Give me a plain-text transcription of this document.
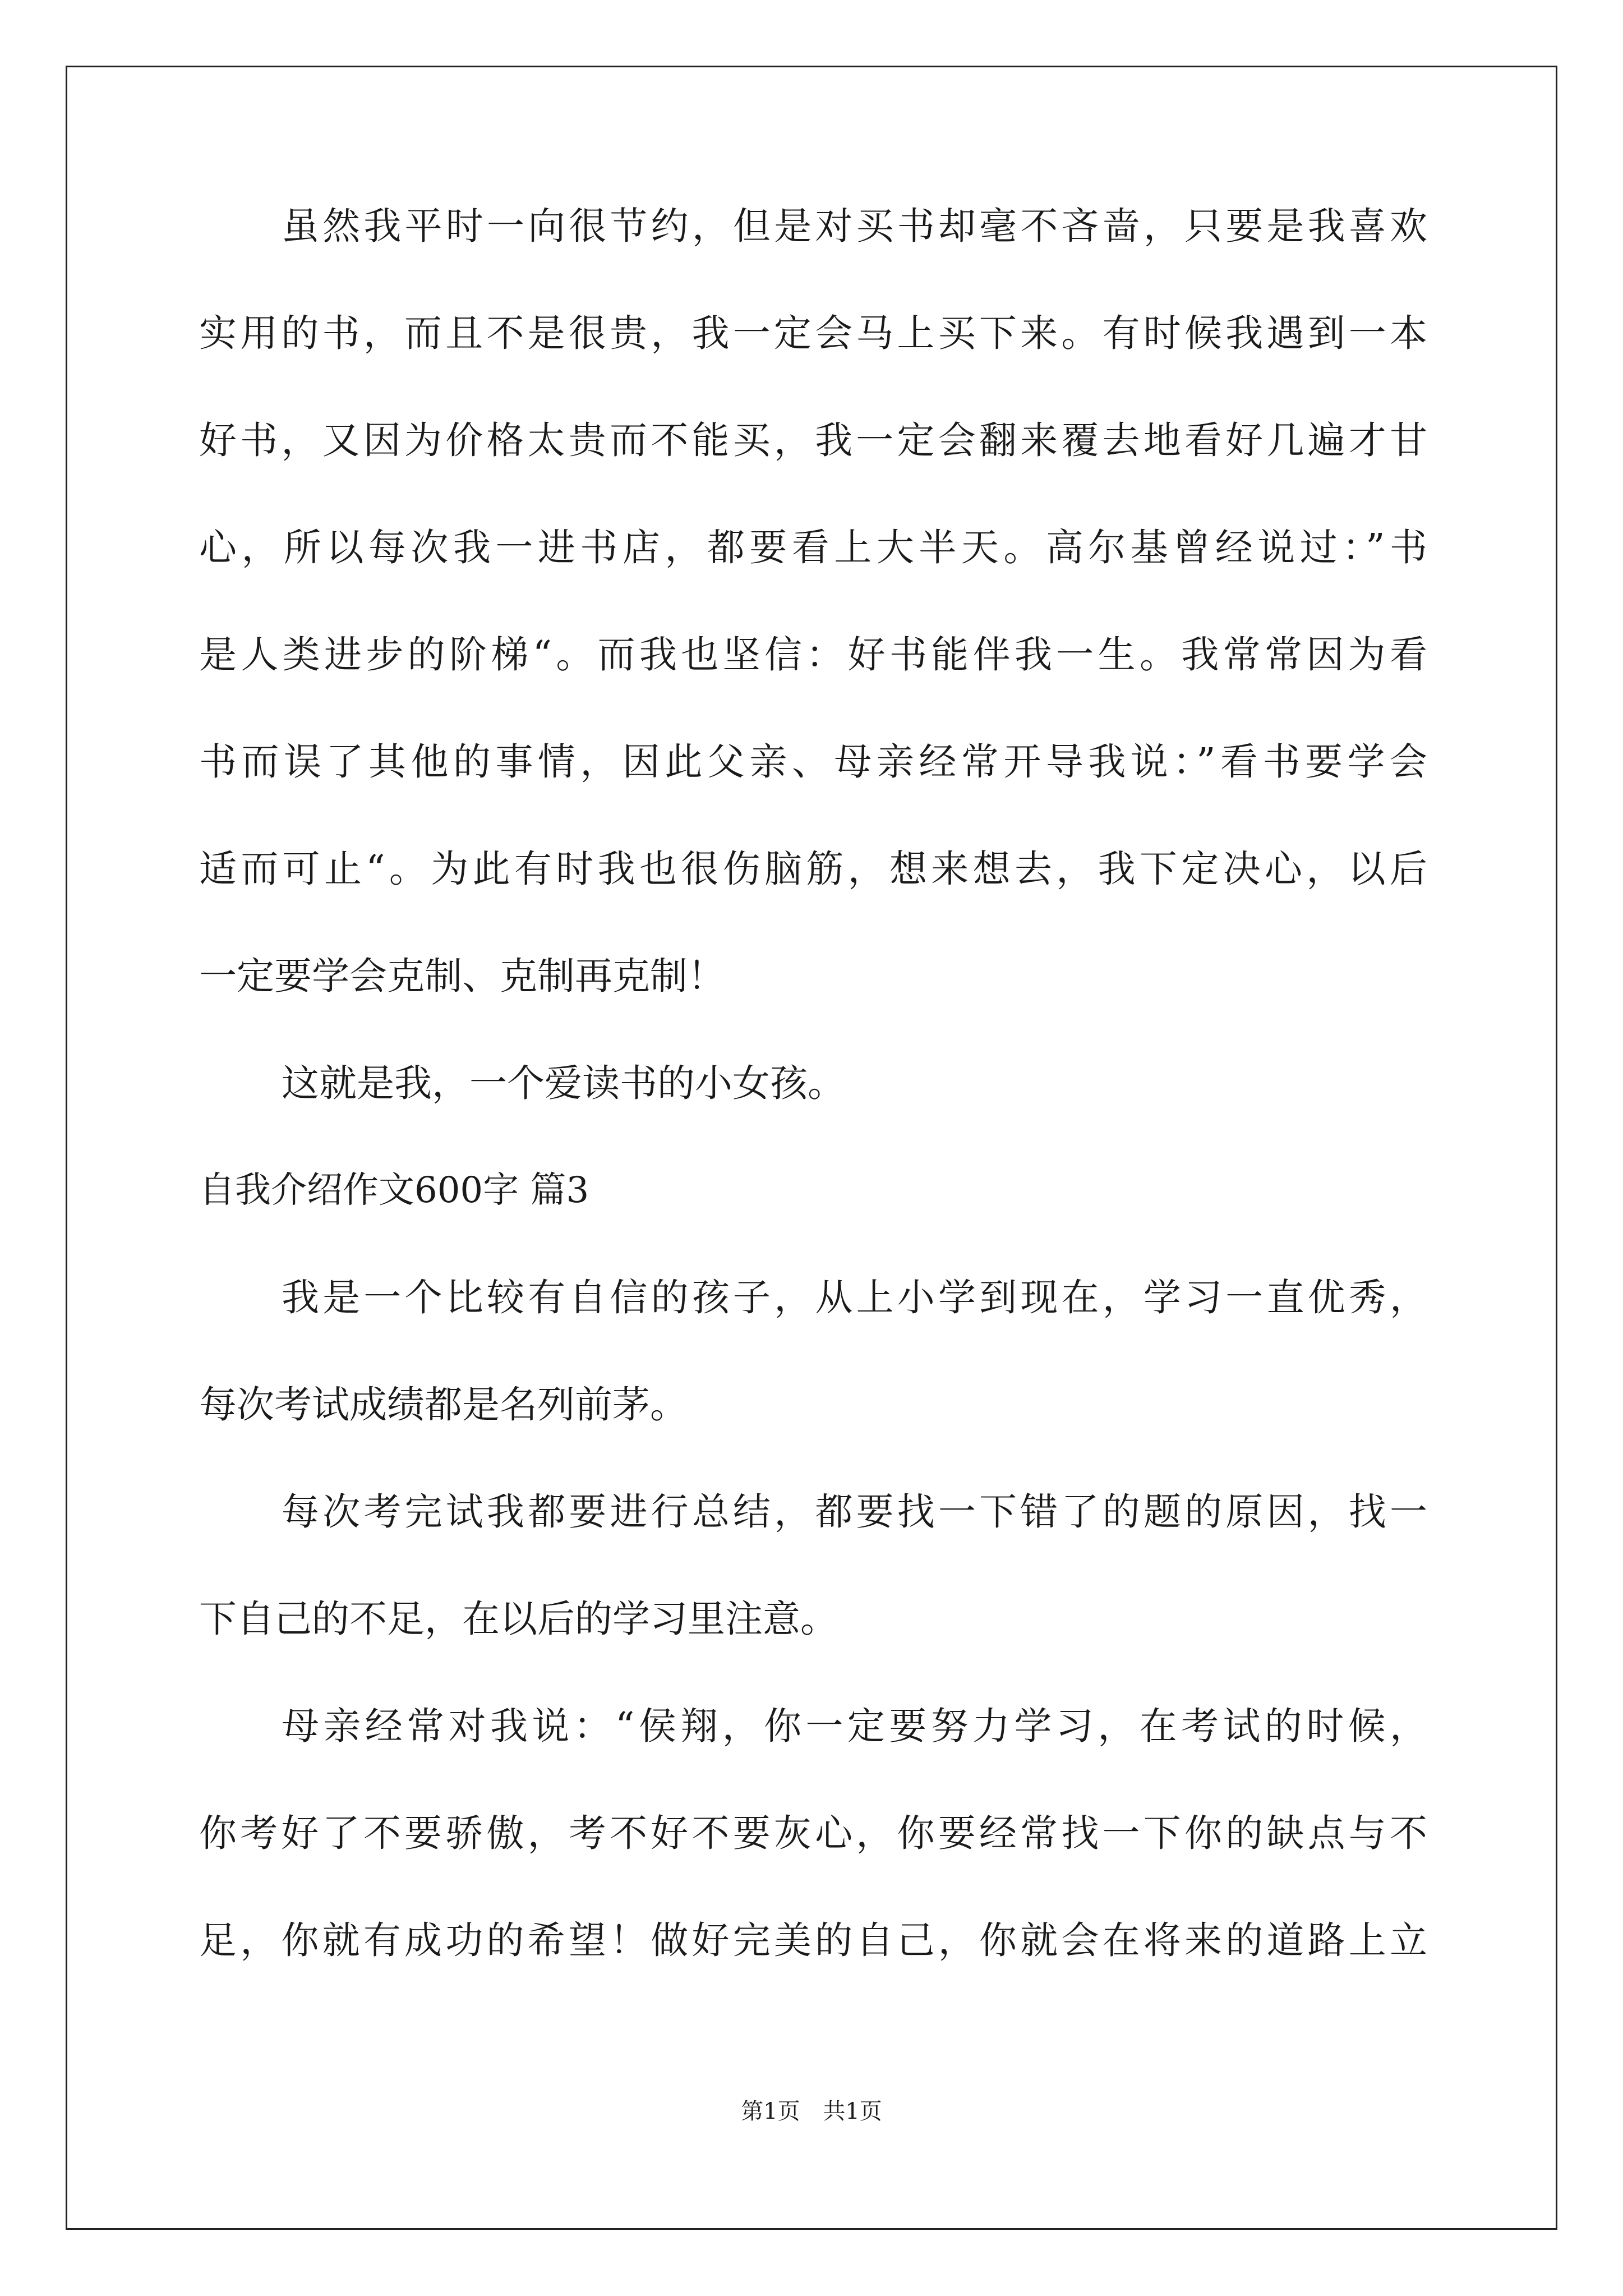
虽然我平时一向很节约，但是对买书却毫不吝啬，只要是我喜欢
实用的书，而且不是很贵，我一定会马上买下来。有时候我遇到一本
好书，又因为价格太贵而不能买，我一定会翻来覆去地看好几遍才甘
心，所以每次我一进书店，都要看上大半天。高尔基曾经说过：”书
是人类进步的阶梯“。而我也坚信：好书能伴我一生。我常常因为看
书而误了其他的事情，因此父亲、母亲经常开导我说：”看书要学会
适而可止“。为此有时我也很伤脑筋，想来想去，我下定决心，以后
一定要学会克制、克制再克制！
这就是我，一个爱读书的小女孩。
自我介绍作文600字 篇3
我是一个比较有自信的孩子，从上小学到现在，学习一直优秀，
每次考试成绩都是名列前茅。
每次考完试我都要进行总结，都要找一下错了的题的原因，找一
下自己的不足，在以后的学习里注意。
母亲经常对我说：“侯翔，你一定要努力学习，在考试的时候，
你考好了不要骄傲，考不好不要灰心，你要经常找一下你的缺点与不
足，你就有成功的希望！做好完美的自己，你就会在将来的道路上立
第1页 共1页
